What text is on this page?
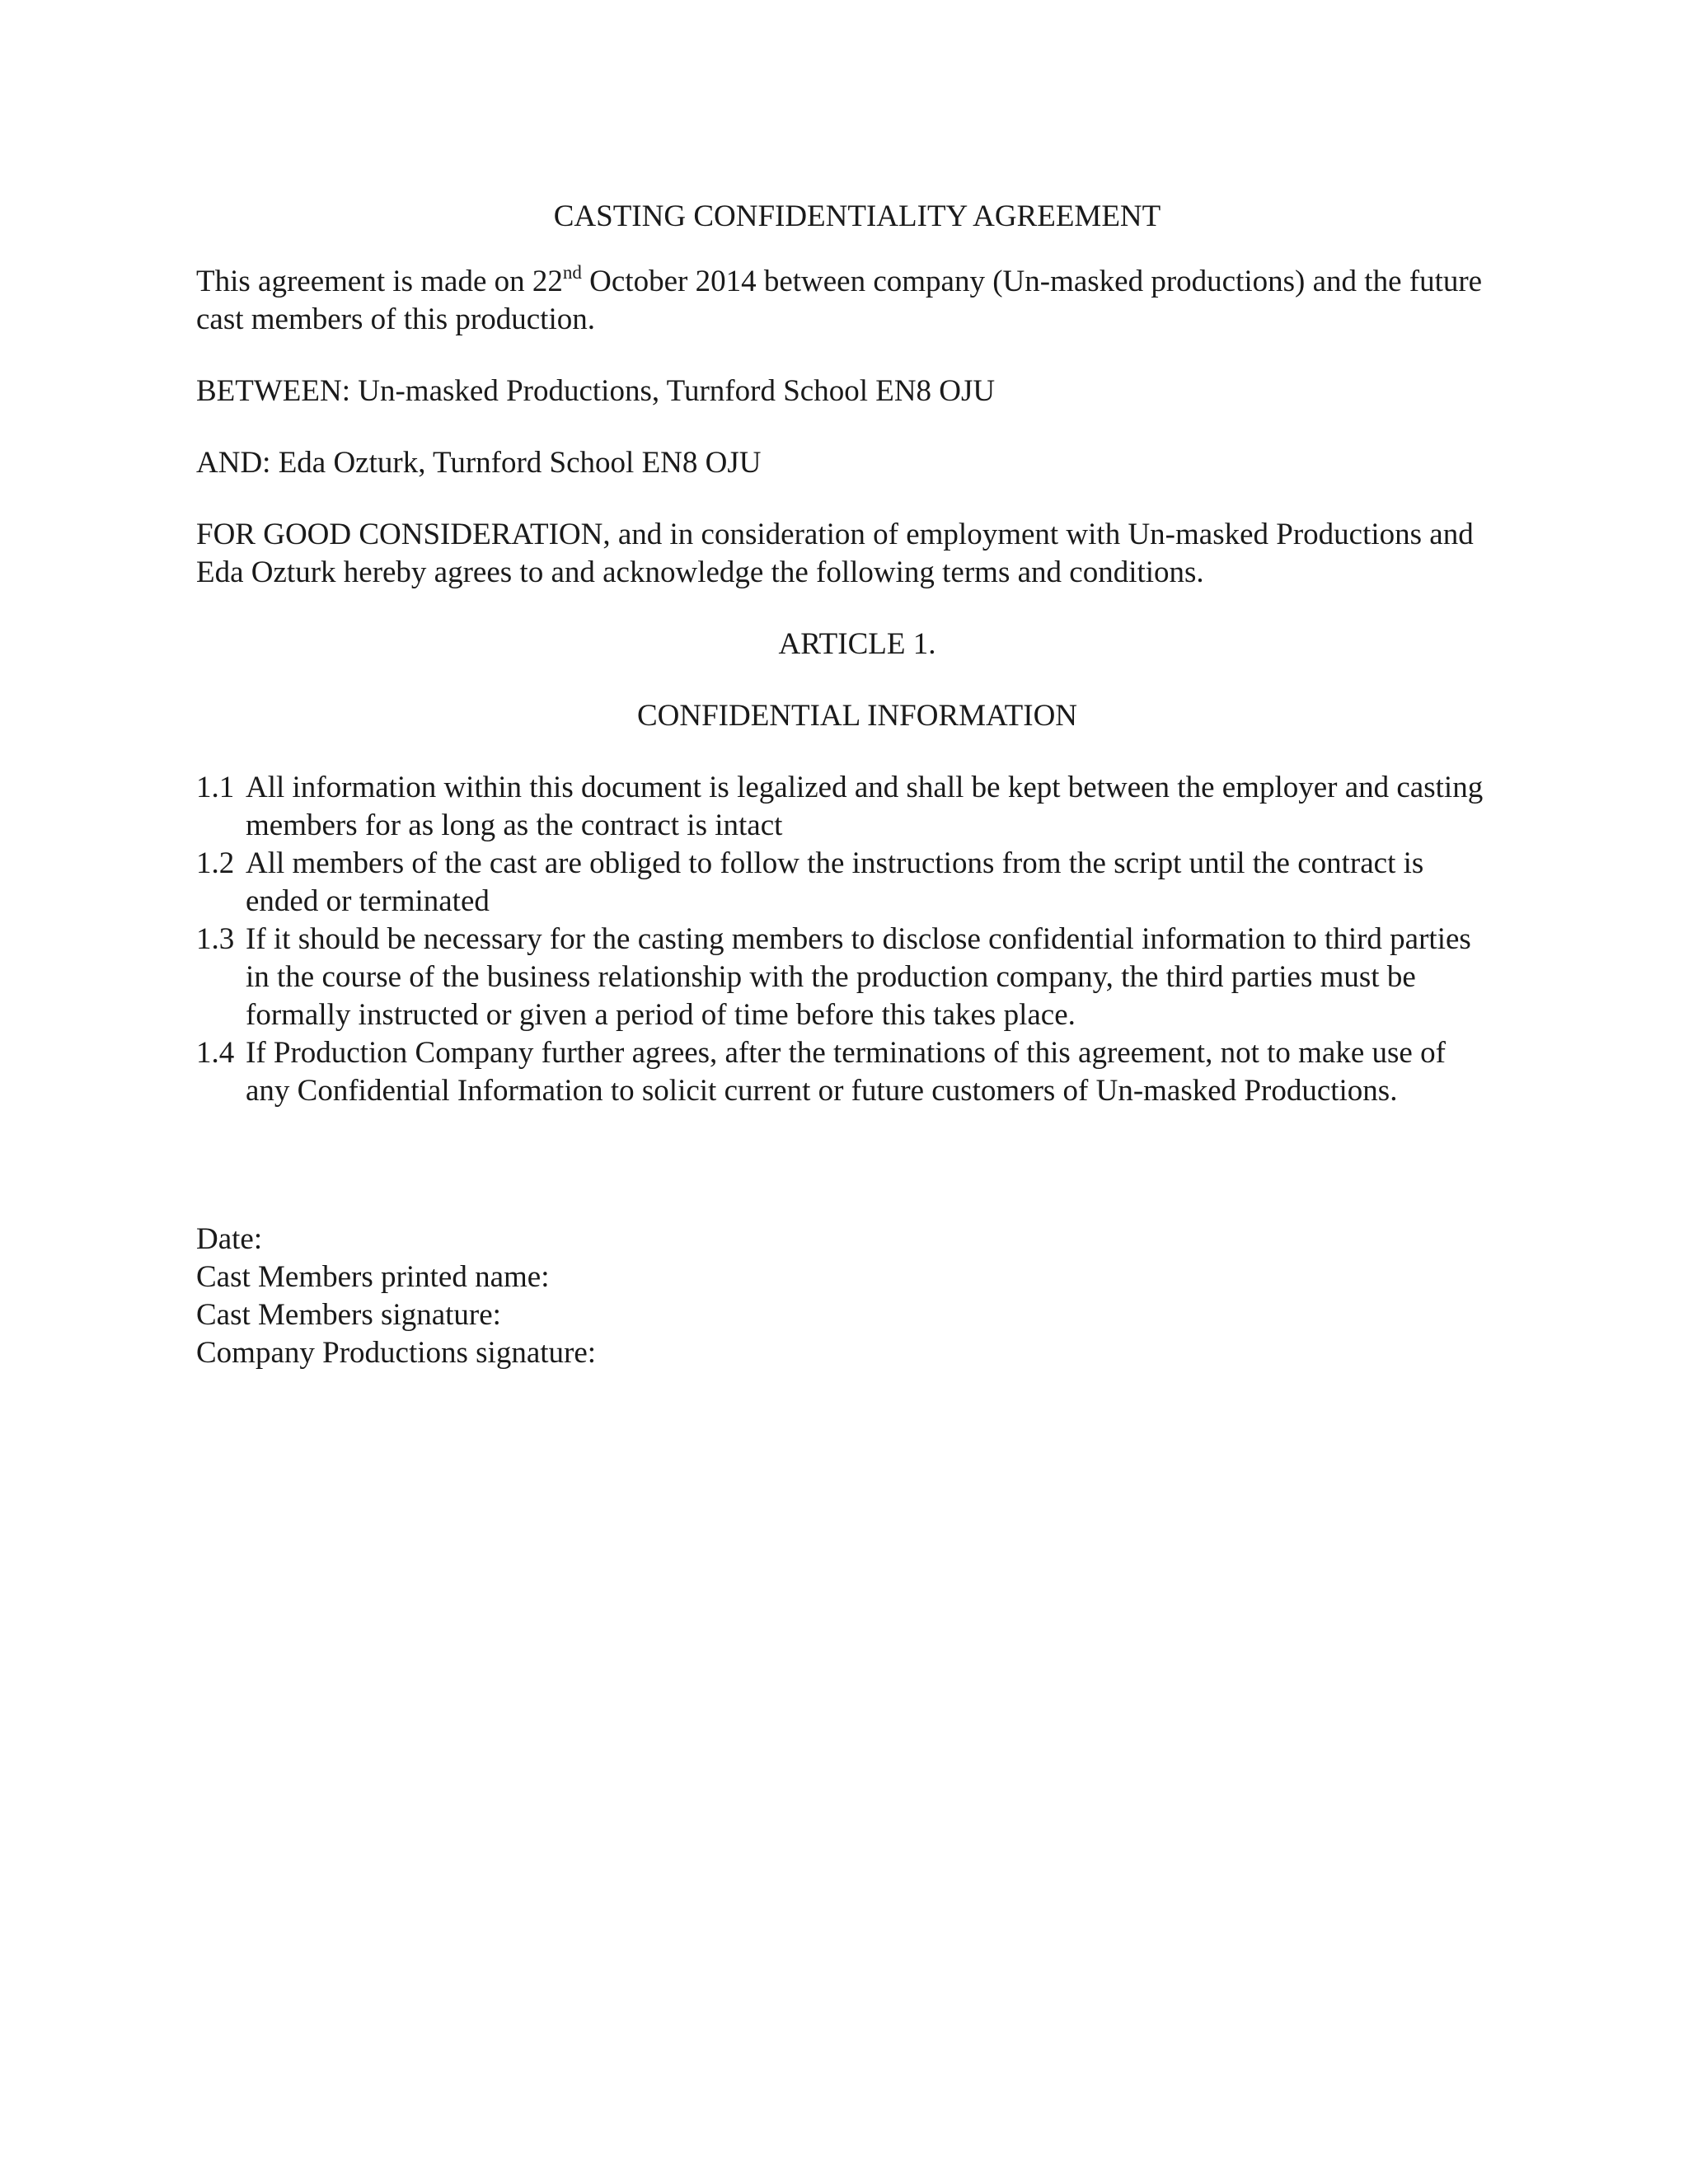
CASTING CONFIDENTIALITY AGREEMENT

This agreement is made on 22nd October 2014 between company (Un-masked productions) and the future cast members of this production.

BETWEEN: Un-masked Productions, Turnford School EN8 OJU

AND: Eda Ozturk, Turnford School EN8 OJU

FOR GOOD CONSIDERATION, and in consideration of employment with Un-masked Productions and Eda Ozturk hereby agrees to and acknowledge the following terms and conditions.

ARTICLE 1.

CONFIDENTIAL INFORMATION

1.1 All information within this document is legalized and shall be kept between the employer and casting members for as long as the contract is intact
1.2 All members of the cast are obliged to follow the instructions from the script until the contract is ended or terminated
1.3 If it should be necessary for the casting members to disclose confidential information to third parties in the course of the business relationship with the production company, the third parties must be formally instructed or given a period of time before this takes place.
1.4 If Production Company further agrees, after the terminations of this agreement, not to make use of any Confidential Information to solicit current or future customers of Un-masked Productions.

Date:

Cast Members printed name:

Cast Members signature:

Company Productions signature:
